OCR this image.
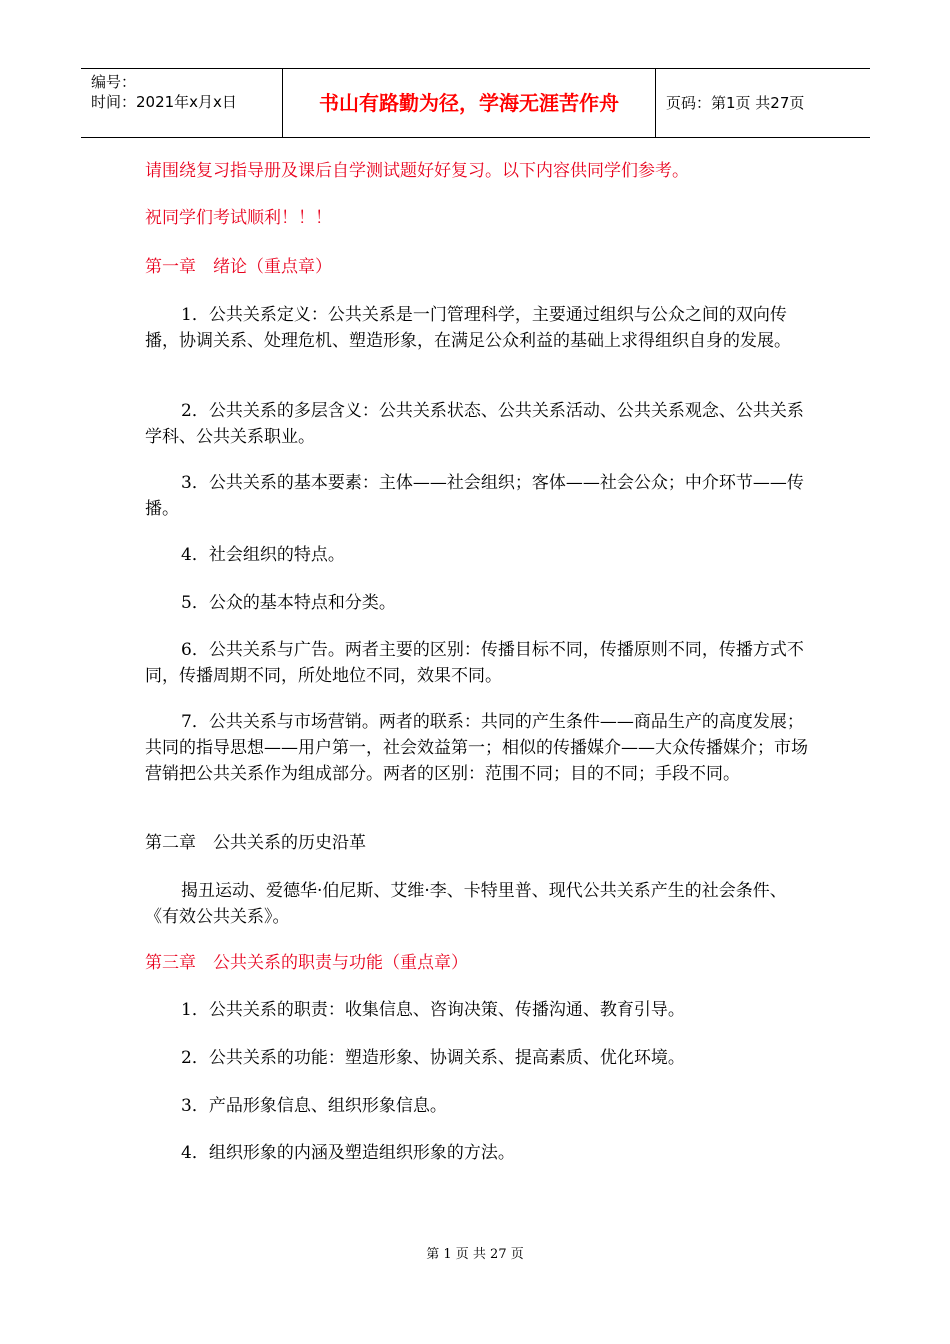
编号：
时间：2021年x月x日	书山有路勤为径，学海无涯苦作舟	页码：第1页 共27页
请围绕复习指导册及课后自学测试题好好复习。以下内容供同学们参考。
祝同学们考试顺利！！！
第一章　绪论（重点章）
1．公共关系定义：公共关系是一门管理科学，主要通过组织与公众之间的双向传播，协调关系、处理危机、塑造形象，在满足公众利益的基础上求得组织自身的发展。
2．公共关系的多层含义：公共关系状态、公共关系活动、公共关系观念、公共关系学科、公共关系职业。
3．公共关系的基本要素：主体——社会组织；客体——社会公众；中介环节——传播。
4．社会组织的特点。
5．公众的基本特点和分类。
6．公共关系与广告。两者主要的区别：传播目标不同，传播原则不同，传播方式不同，传播周期不同，所处地位不同，效果不同。
7．公共关系与市场营销。两者的联系：共同的产生条件——商品生产的高度发展；共同的指导思想——用户第一，社会效益第一；相似的传播媒介——大众传播媒介；市场营销把公共关系作为组成部分。两者的区别：范围不同；目的不同；手段不同。
第二章　公共关系的历史沿革
揭丑运动、爱德华·伯尼斯、艾维·李、卡特里普、现代公共关系产生的社会条件、《有效公共关系》。
第三章　公共关系的职责与功能（重点章）
1．公共关系的职责：收集信息、咨询决策、传播沟通、教育引导。
2．公共关系的功能：塑造形象、协调关系、提高素质、优化环境。
3．产品形象信息、组织形象信息。
4．组织形象的内涵及塑造组织形象的方法。
第 1 页 共 27 页
